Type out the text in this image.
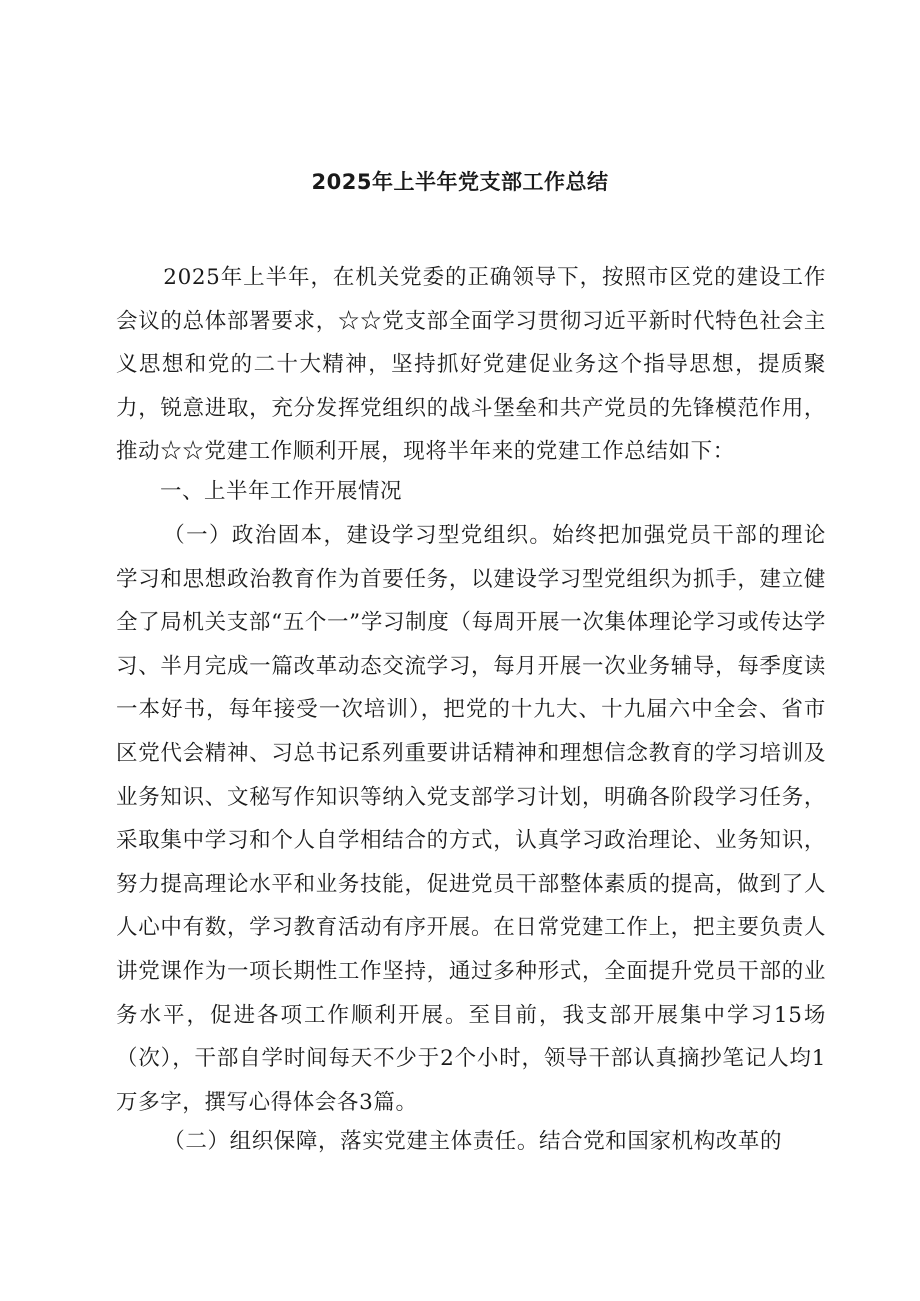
2025年上半年党支部工作总结

2025年上半年，在机关党委的正确领导下，按照市区党的建设工作会议的总体部署要求，☆☆党支部全面学习贯彻习近平新时代特色社会主义思想和党的二十大精神，坚持抓好党建促业务这个指导思想，提质聚力，锐意进取，充分发挥党组织的战斗堡垒和共产党员的先锋模范作用，推动☆☆党建工作顺利开展，现将半年来的党建工作总结如下：

一、上半年工作开展情况

（一）政治固本，建设学习型党组织。始终把加强党员干部的理论学习和思想政治教育作为首要任务，以建设学习型党组织为抓手，建立健全了局机关支部“五个一”学习制度（每周开展一次集体理论学习或传达学习、半月完成一篇改革动态交流学习，每月开展一次业务辅导，每季度读一本好书，每年接受一次培训），把党的十九大、十九届六中全会、省市区党代会精神、习总书记系列重要讲话精神和理想信念教育的学习培训及业务知识、文秘写作知识等纳入党支部学习计划，明确各阶段学习任务，采取集中学习和个人自学相结合的方式，认真学习政治理论、业务知识，努力提高理论水平和业务技能，促进党员干部整体素质的提高，做到了人人心中有数，学习教育活动有序开展。在日常党建工作上，把主要负责人讲党课作为一项长期性工作坚持，通过多种形式，全面提升党员干部的业务水平，促进各项工作顺利开展。至目前，我支部开展集中学习15场（次），干部自学时间每天不少于2个小时，领导干部认真摘抄笔记人均1万多字，撰写心得体会各3篇。

（二）组织保障，落实党建主体责任。结合党和国家机构改革的
